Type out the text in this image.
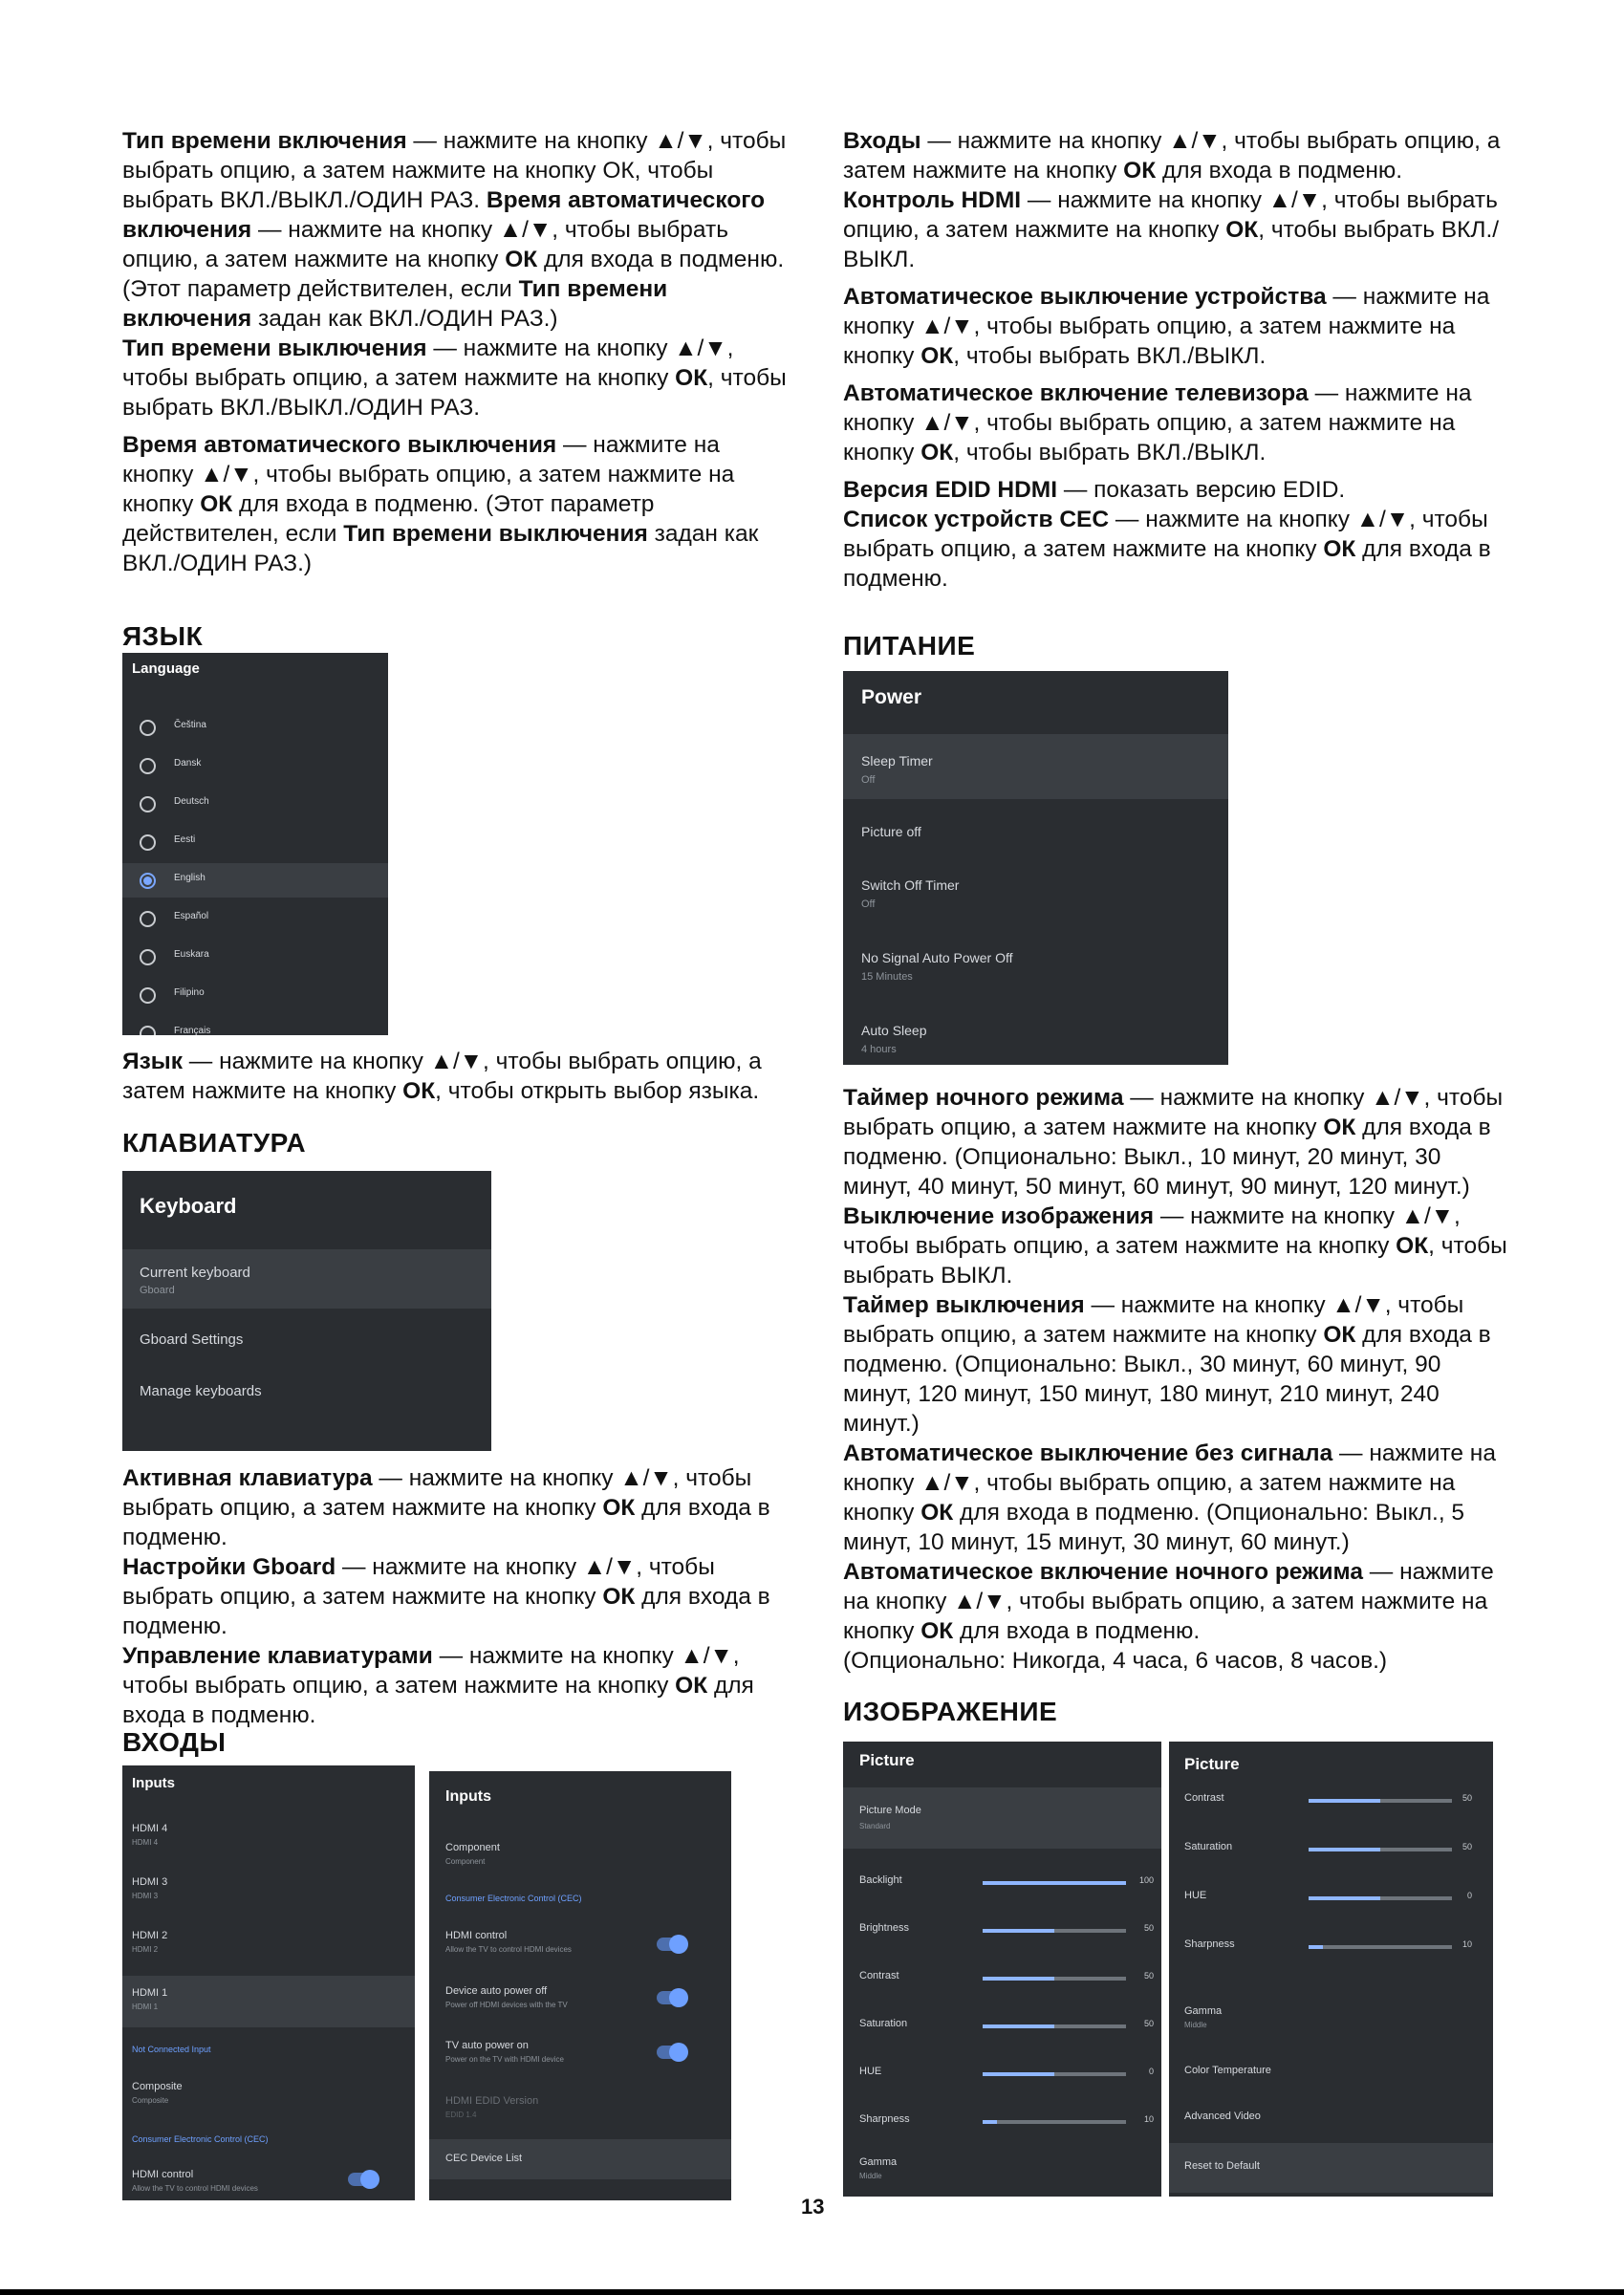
Тип времени включения — нажмите на кнопку ▲/▼, чтобы выбрать опцию, а затем нажмите на кнопку ОК, чтобы выбрать ВКЛ./ВЫКЛ./ОДИН РАЗ. Время автоматического включения — нажмите на кнопку ▲/▼, чтобы выбрать опцию, а затем нажмите на кнопку ОК для входа в подменю. (Этот параметр действителен, если Тип времени включения задан как ВКЛ./ОДИН РАЗ.)

Тип времени выключения — нажмите на кнопку ▲/▼, чтобы выбрать опцию, а затем нажмите на кнопку ОК, чтобы выбрать ВКЛ./ВЫКЛ./ОДИН РАЗ.

Время автоматического выключения — нажмите на кнопку ▲/▼, чтобы выбрать опцию, а затем нажмите на кнопку ОК для входа в подменю. (Этот параметр действителен, если Тип времени выключения задан как ВКЛ./ОДИН РАЗ.)

ЯЗЫК
Language
Čeština
Dansk
Deutsch
Eesti
English
Español
Euskara
Filipino
Français

Язык — нажмите на кнопку ▲/▼, чтобы выбрать опцию, а затем нажмите на кнопку ОК, чтобы открыть выбор языка.

КЛАВИАТУРА
Keyboard
Current keyboard
Gboard
Gboard Settings
Manage keyboards

Активная клавиатура — нажмите на кнопку ▲/▼, чтобы выбрать опцию, а затем нажмите на кнопку ОК для входа в подменю.

Настройки Gboard — нажмите на кнопку ▲/▼, чтобы выбрать опцию, а затем нажмите на кнопку ОК для входа в подменю.

Управление клавиатурами — нажмите на кнопку ▲/▼, чтобы выбрать опцию, а затем нажмите на кнопку ОК для входа в подменю.

ВХОДЫ
Inputs
HDMI 4
HDMI 4
HDMI 3
HDMI 3
HDMI 2
HDMI 2
HDMI 1
HDMI 1
Not Connected Input
Composite
Composite
Consumer Electronic Control (CEC)
HDMI control
Allow the TV to control HDMI devices
Inputs
Component
Component
Consumer Electronic Control (CEC)
HDMI control
Allow the TV to control HDMI devices
Device auto power off
Power off HDMI devices with the TV
TV auto power on
Power on the TV with HDMI device
HDMI EDID Version
EDID 1.4
CEC Device List

Входы — нажмите на кнопку ▲/▼, чтобы выбрать опцию, а затем нажмите на кнопку ОК для входа в подменю.

Контроль HDMI — нажмите на кнопку ▲/▼, чтобы выбрать опцию, а затем нажмите на кнопку ОК, чтобы выбрать ВКЛ./ВЫКЛ.

Автоматическое выключение устройства — нажмите на кнопку ▲/▼, чтобы выбрать опцию, а затем нажмите на кнопку ОК, чтобы выбрать ВКЛ./ВЫКЛ.

Автоматическое включение телевизора — нажмите на кнопку ▲/▼, чтобы выбрать опцию, а затем нажмите на кнопку ОК, чтобы выбрать ВКЛ./ВЫКЛ.

Версия EDID HDMI — показать версию EDID.

Список устройств CEC — нажмите на кнопку ▲/▼, чтобы выбрать опцию, а затем нажмите на кнопку ОК для входа в подменю.

ПИТАНИЕ
Power
Sleep Timer
Off
Picture off
Switch Off Timer
Off
No Signal Auto Power Off
15 Minutes
Auto Sleep
4 hours

Таймер ночного режима — нажмите на кнопку ▲/▼, чтобы выбрать опцию, а затем нажмите на кнопку ОК для входа в подменю. (Опционально: Выкл., 10 минут, 20 минут, 30 минут, 40 минут, 50 минут, 60 минут, 90 минут, 120 минут.)

Выключение изображения — нажмите на кнопку ▲/▼, чтобы выбрать опцию, а затем нажмите на кнопку ОК, чтобы выбрать ВЫКЛ.

Таймер выключения — нажмите на кнопку ▲/▼, чтобы выбрать опцию, а затем нажмите на кнопку ОК для входа в подменю. (Опционально: Выкл., 30 минут, 60 минут, 90 минут, 120 минут, 150 минут, 180 минут, 210 минут, 240 минут.)

Автоматическое выключение без сигнала — нажмите на кнопку ▲/▼, чтобы выбрать опцию, а затем нажмите на кнопку ОК для входа в подменю. (Опционально: Выкл., 5 минут, 10 минут, 15 минут, 30 минут, 60 минут.)

Автоматическое включение ночного режима — нажмите на кнопку ▲/▼, чтобы выбрать опцию, а затем нажмите на кнопку ОК для входа в подменю.

(Опционально: Никогда, 4 часа, 6 часов, 8 часов.)

ИЗОБРАЖЕНИЕ
Picture
Picture Mode
Standard
Backlight	100
Brightness	50
Contrast	50
Saturation	50
HUE	0
Sharpness	10
Gamma
Middle
Picture
Contrast	50
Saturation	50
HUE	0
Sharpness	10
Gamma
Middle
Color Temperature
Advanced Video
Reset to Default
13
